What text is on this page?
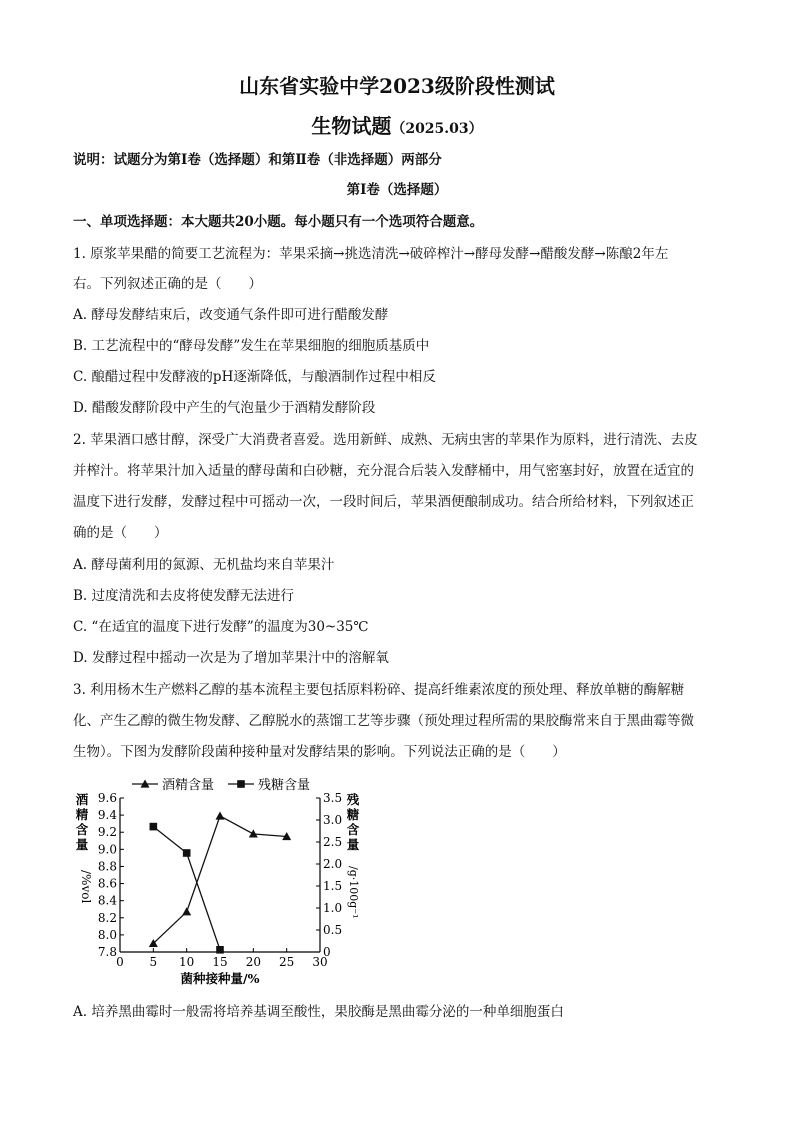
山东省实验中学2023级阶段性测试
生物试题（2025.03）
说明：试题分为第Ⅰ卷（选择题）和第Ⅱ卷（非选择题）两部分
第Ⅰ卷（选择题）
一、单项选择题：本大题共20小题。每小题只有一个选项符合题意。
1. 原浆苹果醋的简要工艺流程为：苹果采摘→挑选清洗→破碎榨汁→酵母发酵→醋酸发酵→陈酿2年左
右。下列叙述正确的是（　　）
A. 酵母发酵结束后，改变通气条件即可进行醋酸发酵
B. 工艺流程中的“酵母发酵”发生在苹果细胞的细胞质基质中
C. 酿醋过程中发酵液的pH逐渐降低，与酿酒制作过程中相反
D. 醋酸发酵阶段中产生的气泡量少于酒精发酵阶段
2. 苹果酒口感甘醇，深受广大消费者喜爱。选用新鲜、成熟、无病虫害的苹果作为原料，进行清洗、去皮
并榨汁。将苹果汁加入适量的酵母菌和白砂糖，充分混合后装入发酵桶中，用气密塞封好，放置在适宜的
温度下进行发酵，发酵过程中可摇动一次，一段时间后，苹果酒便酿制成功。结合所给材料，下列叙述正
确的是（　　）
A. 酵母菌利用的氮源、无机盐均来自苹果汁
B. 过度清洗和去皮将使发酵无法进行
C. “在适宜的温度下进行发酵”的温度为30~35℃
D. 发酵过程中摇动一次是为了增加苹果汁中的溶解氧
3. 利用杨木生产燃料乙醇的基本流程主要包括原料粉碎、提高纤维素浓度的预处理、释放单糖的酶解糖
化、产生乙醇的微生物发酵、乙醇脱水的蒸馏工艺等步骤（预处理过程所需的果胶酶常来自于黑曲霉等微
生物）。下图为发酵阶段菌种接种量对发酵结果的影响。下列说法正确的是（　　）
酒精含量	残糖含量
7.8
8.0
8.2
8.4
8.6
8.8
9.0
9.2
9.4
9.6
0
0.5
1.0
1.5
2.0
2.5
3.0
3.5
0 5 10 15 20 25 30
菌种接种量/%
酒精含量
/%vol
残糖含量
/g·100g⁻¹
A. 培养黑曲霉时一般需将培养基调至酸性，果胶酶是黑曲霉分泌的一种单细胞蛋白
